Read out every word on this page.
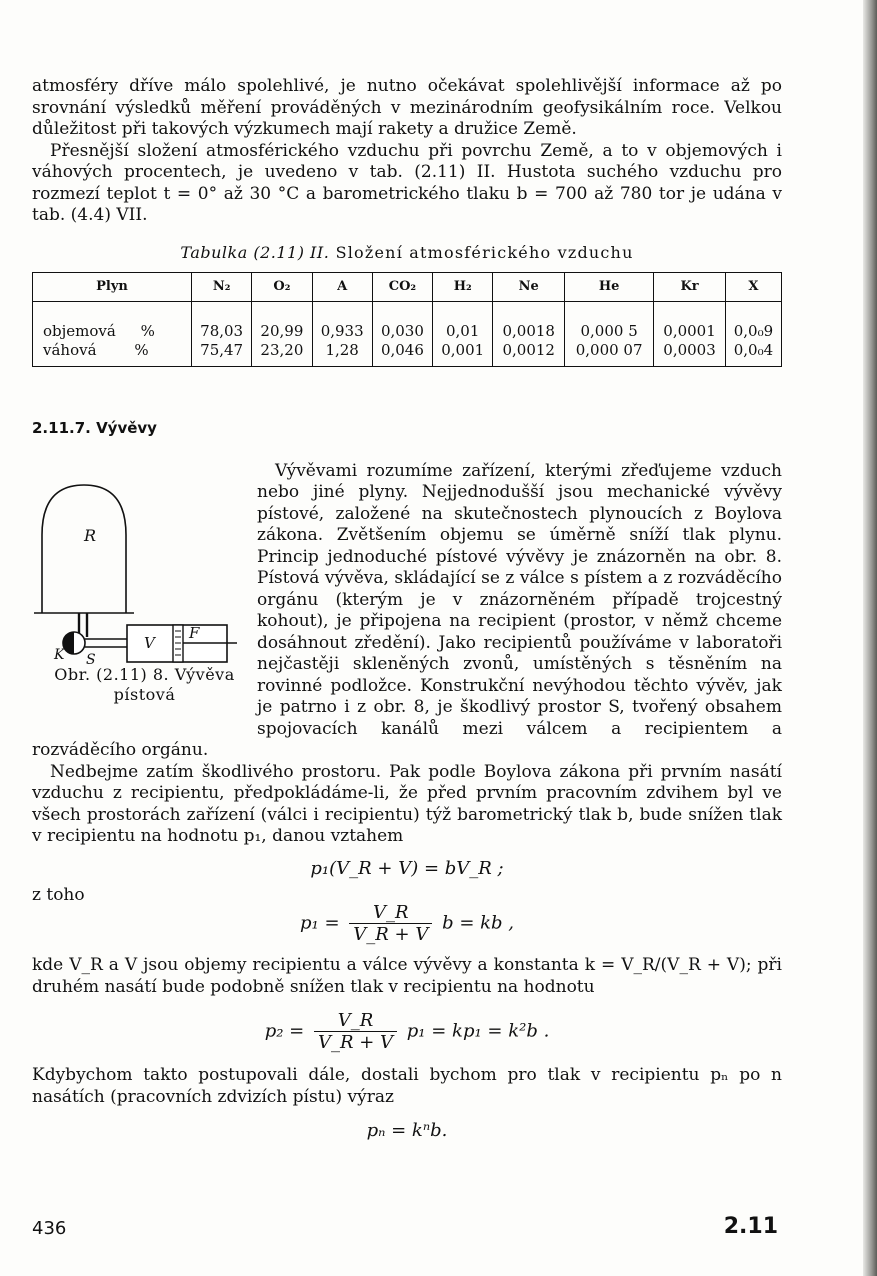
atmosféry dříve málo spolehlivé, je nutno očekávat spolehlivější informace až po srovnání výsledků měření prováděných v mezinárodním geofysikálním roce. Velkou důležitost při takových výzkumech mají rakety a družice Země.

Přesnější složení atmosférického vzduchu při povrchu Země, a to v objemových i váhových procentech, je uvedeno v tab. (2.11) II. Hustota suchého vzduchu pro rozmezí teplot t = 0° až 30 °C a barometrického tlaku b = 700 až 780 tor je udána v tab. (4.4) VII.

Tabulka (2.11) II. Složení atmosférického vzduchu
Plyn	N₂	O₂	A	CO₂	H₂	Ne	He	Kr	X
objemová %	78,03	20,99	0,933	0,030	0,01	0,0018	0,000 5	0,0001	0,0₀9
váhová %	75,47	23,20	1,28	0,046	0,001	0,0012	0,000 07	0,0003	0,0₀4
2.11.7. Vývěvy
R
V
F
K S
Obr. (2.11) 8. Vývěva
pístová

Vývěvami rozumíme zařízení, kterými zřeďujeme vzduch nebo jiné plyny. Nejjednodušší jsou mechanické vývěvy pístové, založené na skutečnostech plynoucích z Boylova zákona. Zvětšením objemu se úměrně sníží tlak plynu. Princip jednoduché pístové vývěvy je znázorněn na obr. 8. Pístová vývěva, skládající se z válce s pístem a z rozváděcího orgánu (kterým je v znázorněném případě trojcestný kohout), je připojena na recipient (prostor, v němž chceme dosáhnout zředění). Jako recipientů používáme v laboratoři nejčastěji skleněných zvonů, umístěných s těsněním na rovinné podložce. Konstrukční nevýhodou těchto vývěv, jak je patrno i z obr. 8, je škodlivý prostor S, tvořený obsahem spojovacích kanálů mezi válcem a recipientem a rozváděcího orgánu.

Nedbejme zatím škodlivého prostoru. Pak podle Boylova zákona při prvním nasátí vzduchu z recipientu, předpokládáme-li, že před prvním pracovním zdvihem byl ve všech prostorách zařízení (válci i recipientu) týž barometrický tlak b, bude snížen tlak v recipientu na hodnotu p₁, danou vztahem

p₁(V_R + V) = bV_R ;

z toho

$p_1 = \frac{V\_R}{V\_R + V}$ b = kb ,

kde V_R a V jsou objemy recipientu a válce vývěvy a konstanta k = V_R/(V_R + V); při druhém nasátí bude podobně snížen tlak v recipientu na hodnotu

$p_2 = \frac{V\_R}{V\_R + V} p_1 = kp_1 = k^2b$ .

Kdybychom takto postupovali dále, dostali bychom pro tlak v recipientu pₙ po n nasátích (pracovních zdvizích pístu) výraz

pₙ = kⁿb.
436	2.11
